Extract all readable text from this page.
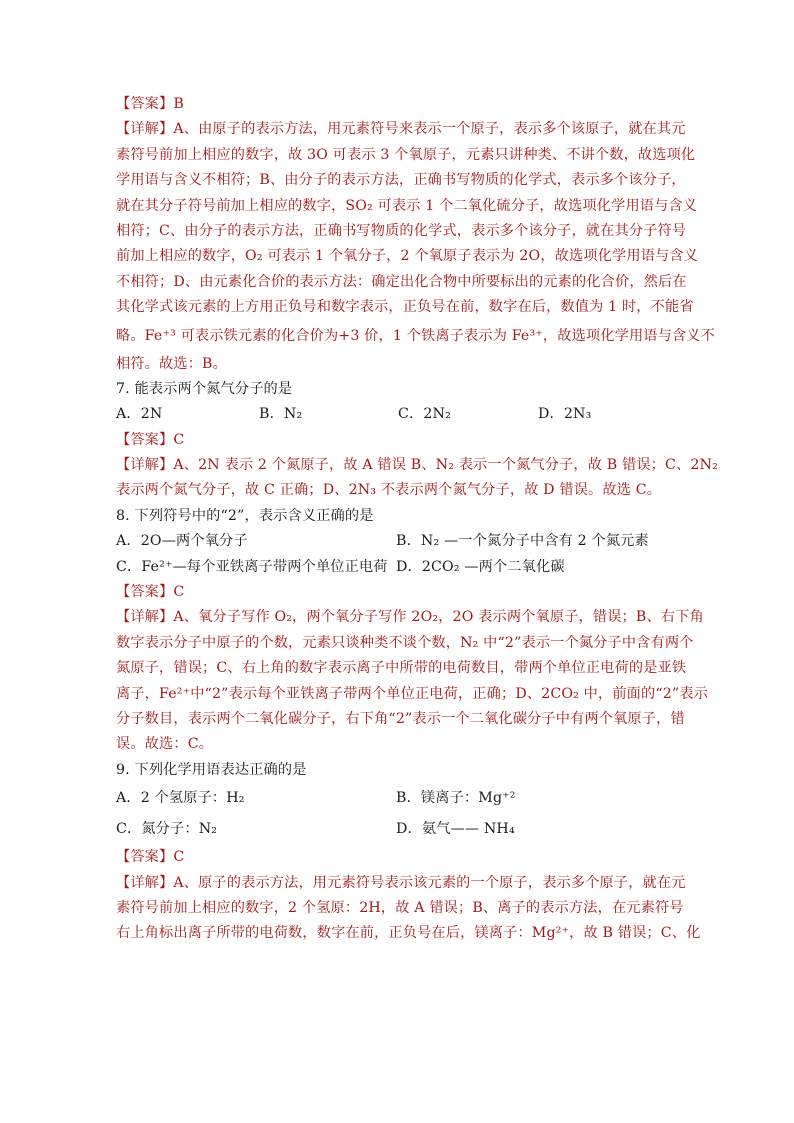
【答案】B
【详解】A、由原子的表示方法，用元素符号来表示一个原子，表示多个该原子，就在其元
素符号前加上相应的数字，故 3O 可表示 3 个氧原子，元素只讲种类、不讲个数，故选项化
学用语与含义不相符；B、由分子的表示方法，正确书写物质的化学式，表示多个该分子，
就在其分子符号前加上相应的数字，SO₂ 可表示 1 个二氧化硫分子，故选项化学用语与含义
相符；C、由分子的表示方法，正确书写物质的化学式，表示多个该分子，就在其分子符号
前加上相应的数字，O₂ 可表示 1 个氧分子，2 个氧原子表示为 2O，故选项化学用语与含义
不相符；D、由元素化合价的表示方法：确定出化合物中所要标出的元素的化合价，然后在
其化学式该元素的上方用正负号和数字表示，正负号在前，数字在后，数值为 1 时，不能省
略。Fe⁺³ 可表示铁元素的化合价为+3 价，1 个铁离子表示为 Fe³⁺，故选项化学用语与含义不
相符。故选：B。
7. 能表示两个氮气分子的是
A．2N	B．N₂	C．2N₂	D．2N₃
【答案】C
【详解】A、2N 表示 2 个氮原子，故 A 错误 B、N₂ 表示一个氮气分子，故 B 错误；C、2N₂
表示两个氮气分子，故 C 正确；D、2N₃ 不表示两个氮气分子，故 D 错误。故选 C。
8. 下列符号中的“2”，表示含义正确的是
A．2O—两个氧分子	B．N₂ —一个氮分子中含有 2 个氮元素
C．Fe²⁺—每个亚铁离子带两个单位正电荷 D．2CO₂ —两个二氧化碳
【答案】C
【详解】A、氧分子写作 O₂，两个氧分子写作 2O₂，2O 表示两个氧原子，错误；B、右下角
数字表示分子中原子的个数，元素只谈种类不谈个数，N₂ 中“2”表示一个氮分子中含有两个
氮原子，错误；C、右上角的数字表示离子中所带的电荷数目，带两个单位正电荷的是亚铁
离子，Fe²⁺中“2”表示每个亚铁离子带两个单位正电荷，正确；D、2CO₂ 中，前面的“2”表示
分子数目，表示两个二氧化碳分子，右下角“2”表示一个二氧化碳分子中有两个氧原子，错
误。故选：C。
9. 下列化学用语表达正确的是
A．2 个氢原子：H₂	B．镁离子：Mg⁺²
C．氮分子：N₂	D．氨气—— NH₄
【答案】C
【详解】A、原子的表示方法，用元素符号表示该元素的一个原子，表示多个原子，就在元
素符号前加上相应的数字，2 个氢原：2H，故 A 错误；B、离子的表示方法，在元素符号
右上角标出离子所带的电荷数，数字在前，正负号在后，镁离子：Mg²⁺，故 B 错误；C、化
